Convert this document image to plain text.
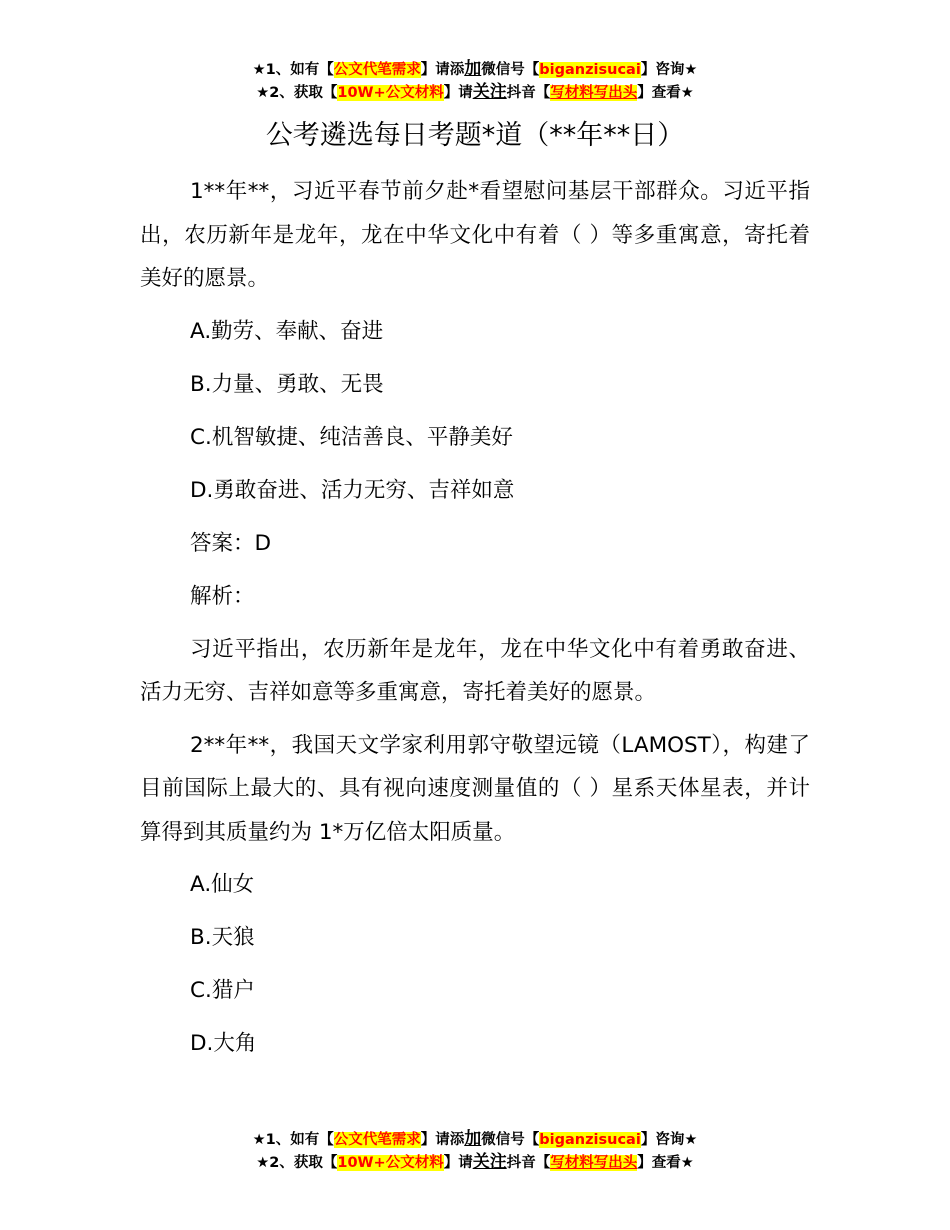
★1、如有【公文代笔需求】请添加微信号【biganzisucai】咨询★
★2、获取【10W+公文材料】请关注抖音【写材料写出头】查看★
公考遴选每日考题*道（**年**日）

1**年**，习近平春节前夕赴*看望慰问基层干部群众。习近平指出，农历新年是龙年，龙在中华文化中有着（ ）等多重寓意，寄托着美好的愿景。

A.勤劳、奉献、奋进

B.力量、勇敢、无畏

C.机智敏捷、纯洁善良、平静美好

D.勇敢奋进、活力无穷、吉祥如意

答案：D

解析：

习近平指出，农历新年是龙年，龙在中华文化中有着勇敢奋进、活力无穷、吉祥如意等多重寓意，寄托着美好的愿景。

2**年**，我国天文学家利用郭守敬望远镜（LAMOST），构建了目前国际上最大的、具有视向速度测量值的（ ）星系天体星表，并计算得到其质量约为 1*万亿倍太阳质量。

A.仙女

B.天狼

C.猎户

D.大角

★1、如有【公文代笔需求】请添加微信号【biganzisucai】咨询★
★2、获取【10W+公文材料】请关注抖音【写材料写出头】查看★
